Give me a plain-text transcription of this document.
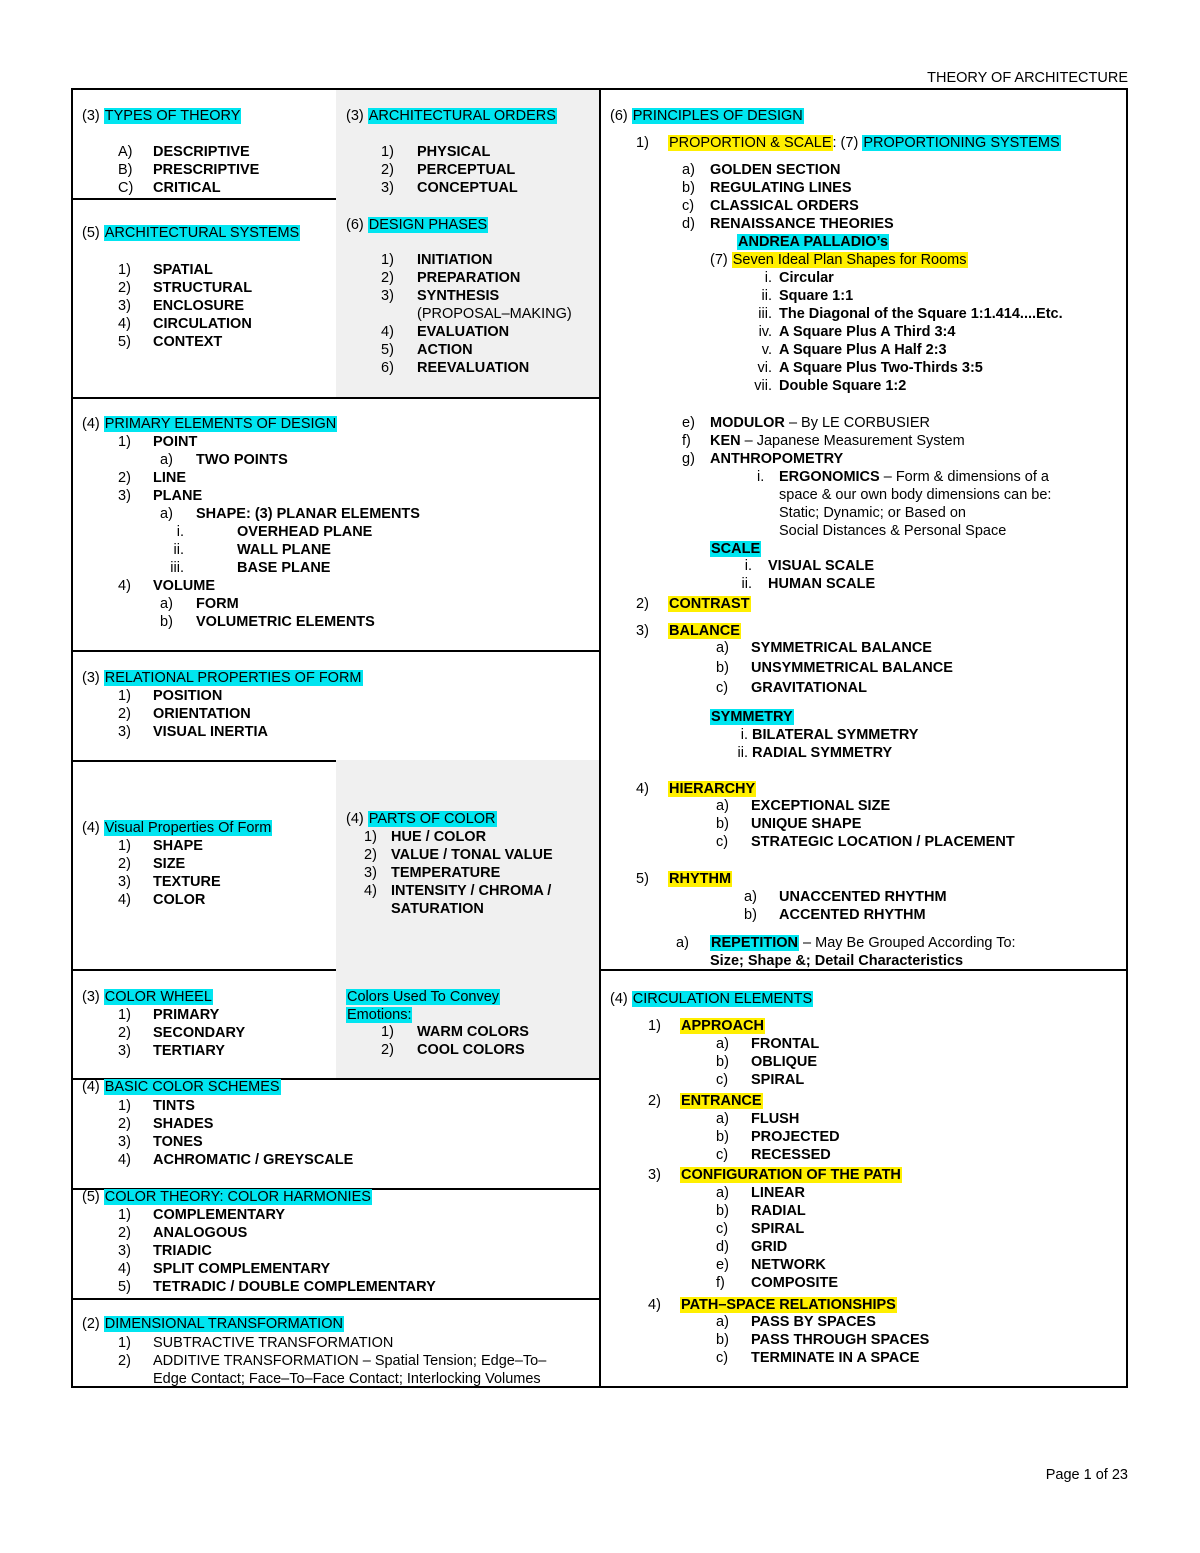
THEORY OF ARCHITECTURE
(3) TYPES OF THEORY
A) DESCRIPTIVE
B) PRESCRIPTIVE
C) CRITICAL
(3) ARCHITECTURAL ORDERS
1) PHYSICAL
2) PERCEPTUAL
3) CONCEPTUAL
(5) ARCHITECTURAL SYSTEMS
1) SPATIAL
2) STRUCTURAL
3) ENCLOSURE
4) CIRCULATION
5) CONTEXT
(6) DESIGN PHASES
1) INITIATION
2) PREPARATION
3) SYNTHESIS
(PROPOSAL–MAKING)
4) EVALUATION
5) ACTION
6) REEVALUATION
(4) PRIMARY ELEMENTS OF DESIGN
1) POINT
a) TWO POINTS
2) LINE
3) PLANE
a) SHAPE: (3) PLANAR ELEMENTS
i.	OVERHEAD PLANE
ii.	WALL PLANE
iii.	BASE PLANE
4) VOLUME
a) FORM
b) VOLUMETRIC ELEMENTS
(3) RELATIONAL PROPERTIES OF FORM
1) POSITION
2) ORIENTATION
3) VISUAL INERTIA
(4) Visual Properties Of Form
1) SHAPE
2) SIZE
3) TEXTURE
4) COLOR
(4) PARTS OF COLOR
1) HUE / COLOR
2) VALUE / TONAL VALUE
3) TEMPERATURE
4) INTENSITY / CHROMA /
SATURATION
(3) COLOR WHEEL
1) PRIMARY
2) SECONDARY
3) TERTIARY
Colors Used To Convey
Emotions:
1) WARM COLORS
2) COOL COLORS
(4) BASIC COLOR SCHEMES
1) TINTS
2) SHADES
3) TONES
4) ACHROMATIC / GREYSCALE
(5) COLOR THEORY: COLOR HARMONIES
1) COMPLEMENTARY
2) ANALOGOUS
3) TRIADIC
4) SPLIT COMPLEMENTARY
5) TETRADIC / DOUBLE COMPLEMENTARY
(2) DIMENSIONAL TRANSFORMATION
1) SUBTRACTIVE TRANSFORMATION
2) ADDITIVE TRANSFORMATION – Spatial Tension; Edge–To–
Edge Contact; Face–To–Face Contact; Interlocking Volumes
(6) PRINCIPLES OF DESIGN
1) PROPORTION & SCALE: (7) PROPORTIONING SYSTEMS
a) GOLDEN SECTION
b) REGULATING LINES
c) CLASSICAL ORDERS
d) RENAISSANCE THEORIES
ANDREA PALLADIO’s
(7) Seven Ideal Plan Shapes for Rooms
i. Circular
ii. Square 1:1
iii. The Diagonal of the Square 1:1.414....Etc.
iv. A Square Plus A Third 3:4
v. A Square Plus A Half 2:3
vi. A Square Plus Two-Thirds 3:5
vii. Double Square 1:2
e) MODULOR – By LE CORBUSIER
f) KEN – Japanese Measurement System
g) ANTHROPOMETRY
i. ERGONOMICS – Form & dimensions of a
space & our own body dimensions can be:
Static; Dynamic; or Based on
Social Distances & Personal Space
SCALE
i. VISUAL SCALE
ii. HUMAN SCALE
2) CONTRAST
3) BALANCE
a) SYMMETRICAL BALANCE
b) UNSYMMETRICAL BALANCE
c) GRAVITATIONAL
SYMMETRY
i. BILATERAL SYMMETRY
ii. RADIAL SYMMETRY
4) HIERARCHY
a) EXCEPTIONAL SIZE
b) UNIQUE SHAPE
c) STRATEGIC LOCATION / PLACEMENT
5) RHYTHM
a) UNACCENTED RHYTHM
b) ACCENTED RHYTHM
a) REPETITION – May Be Grouped According To:
Size; Shape &; Detail Characteristics
(4) CIRCULATION ELEMENTS
1) APPROACH
a) FRONTAL
b) OBLIQUE
c) SPIRAL
2) ENTRANCE
a) FLUSH
b) PROJECTED
c) RECESSED
3) CONFIGURATION OF THE PATH
a) LINEAR
b) RADIAL
c) SPIRAL
d) GRID
e) NETWORK
f) COMPOSITE
4) PATH–SPACE RELATIONSHIPS
a) PASS BY SPACES
b) PASS THROUGH SPACES
c) TERMINATE IN A SPACE
Page 1 of 23
